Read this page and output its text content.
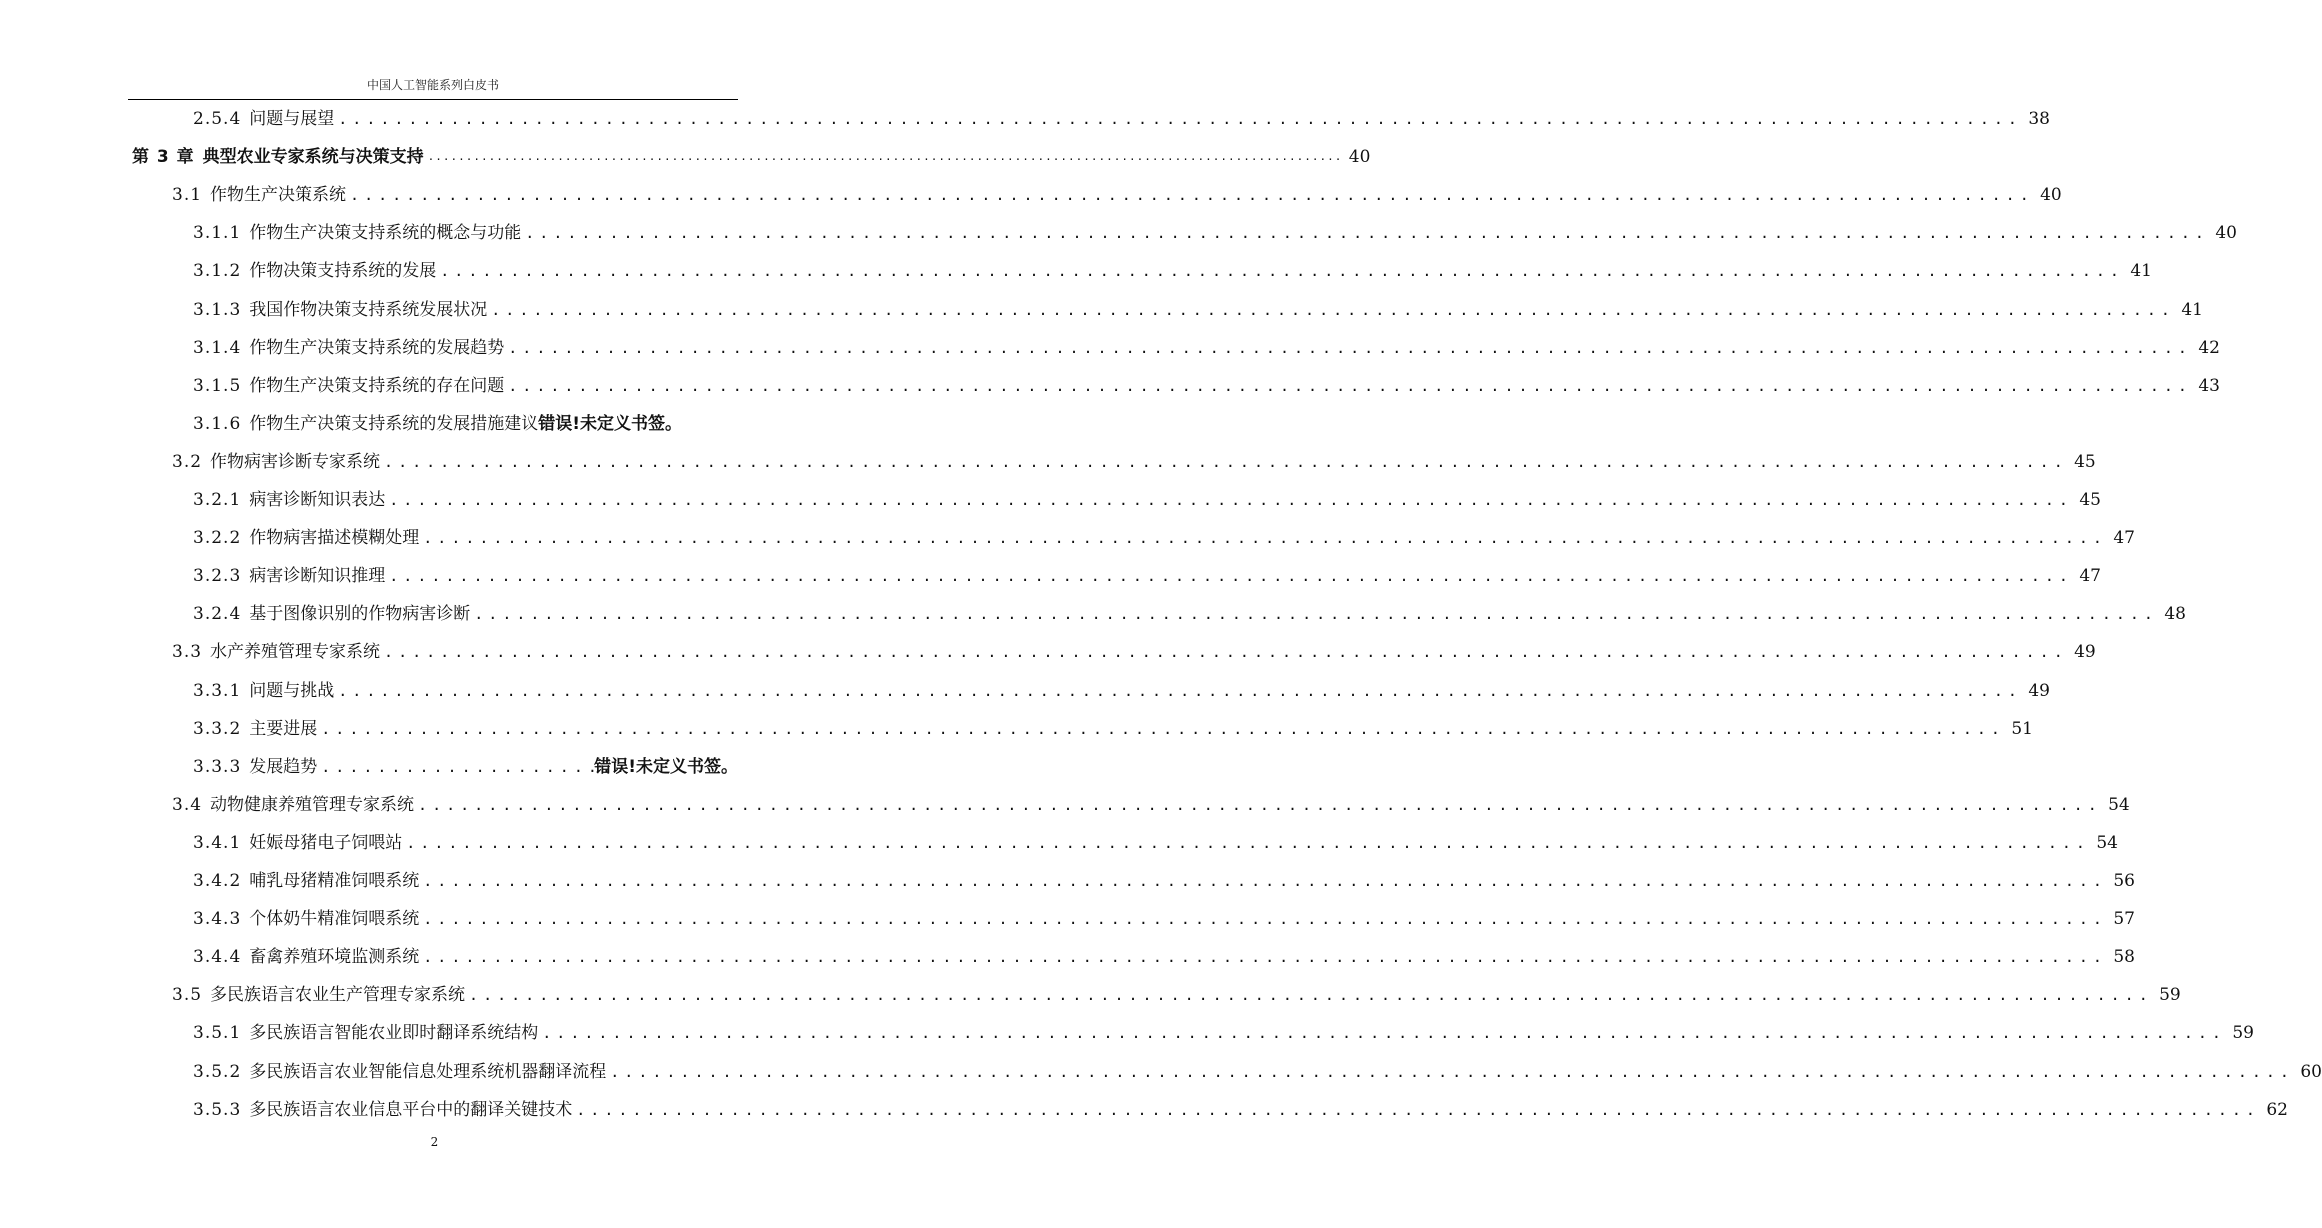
中国人工智能系列白皮书
2.5.4 问题与展望 ........................................................................................................................ 38
第 3 章 典型农业专家系统与决策支持 ........................................................................................................................ 40
3.1 作物生产决策系统 ........................................................................................................................ 40
3.1.1 作物生产决策支持系统的概念与功能 ........................................................................................................................ 40
3.1.2 作物决策支持系统的发展 ........................................................................................................................ 41
3.1.3 我国作物决策支持系统发展状况 ........................................................................................................................ 41
3.1.4 作物生产决策支持系统的发展趋势 ........................................................................................................................ 42
3.1.5 作物生产决策支持系统的存在问题 ........................................................................................................................ 43
3.1.6 作物生产决策支持系统的发展措施建议 错误!未定义书签。
3.2 作物病害诊断专家系统 ........................................................................................................................ 45
3.2.1 病害诊断知识表达 ........................................................................................................................ 45
3.2.2 作物病害描述模糊处理 ........................................................................................................................ 47
3.2.3 病害诊断知识推理 ........................................................................................................................ 47
3.2.4 基于图像识别的作物病害诊断 ........................................................................................................................ 48
3.3 水产养殖管理专家系统 ........................................................................................................................ 49
3.3.1 问题与挑战 ........................................................................................................................ 49
3.3.2 主要进展 ........................................................................................................................ 51
3.3.3 发展趋势 ......................
错误!未定义书签。
3.4 动物健康养殖管理专家系统 ........................................................................................................................ 54
3.4.1 妊娠母猪电子饲喂站 ........................................................................................................................ 54
3.4.2 哺乳母猪精准饲喂系统 ........................................................................................................................ 56
3.4.3 个体奶牛精准饲喂系统 ........................................................................................................................ 57
3.4.4 畜禽养殖环境监测系统 ........................................................................................................................ 58
3.5 多民族语言农业生产管理专家系统 ........................................................................................................................ 59
3.5.1 多民族语言智能农业即时翻译系统结构 ........................................................................................................................ 59
3.5.2 多民族语言农业智能信息处理系统机器翻译流程 ........................................................................................................................ 60
3.5.3 多民族语言农业信息平台中的翻译关键技术 ........................................................................................................................ 62
2
